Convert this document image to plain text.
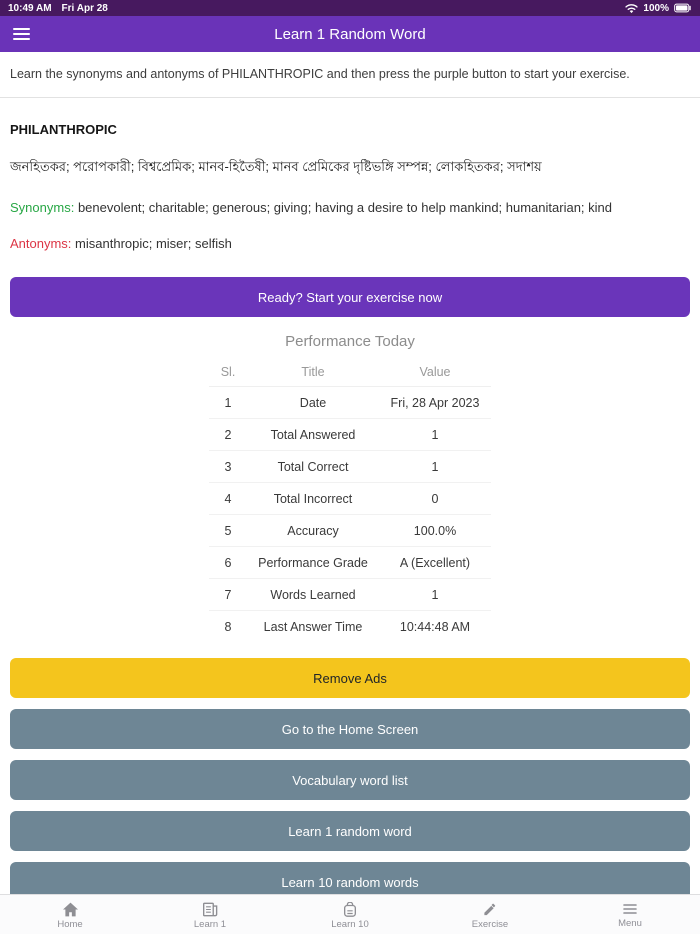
10:49 AM Fri Apr 28	100%
Learn 1 Random Word
Learn the synonyms and antonyms of PHILANTHROPIC and then press the purple button to start your exercise.
PHILANTHROPIC
জনহিতকর; পরোপকারী; বিশ্বপ্রেমিক; মানব-হিতৈষী; মানব প্রেমিকের দৃষ্টিভঙ্গি সম্পন্ন; লোকহিতকর; সদাশয়
Synonyms: benevolent; charitable; generous; giving; having a desire to help mankind; humanitarian; kind
Antonyms: misanthropic; miser; selfish
Ready? Start your exercise now
Performance Today
Sl.	Title	Value
1	Date	Fri, 28 Apr 2023
2	Total Answered	1
3	Total Correct	1
4	Total Incorrect	0
5	Accuracy	100.0%
6	Performance Grade	A (Excellent)
7	Words Learned	1
8	Last Answer Time	10:44:48 AM
Remove Ads
Go to the Home Screen
Vocabulary word list
Learn 1 random word
Learn 10 random words
Home	Learn 1	Learn 10	Exercise	Menu
